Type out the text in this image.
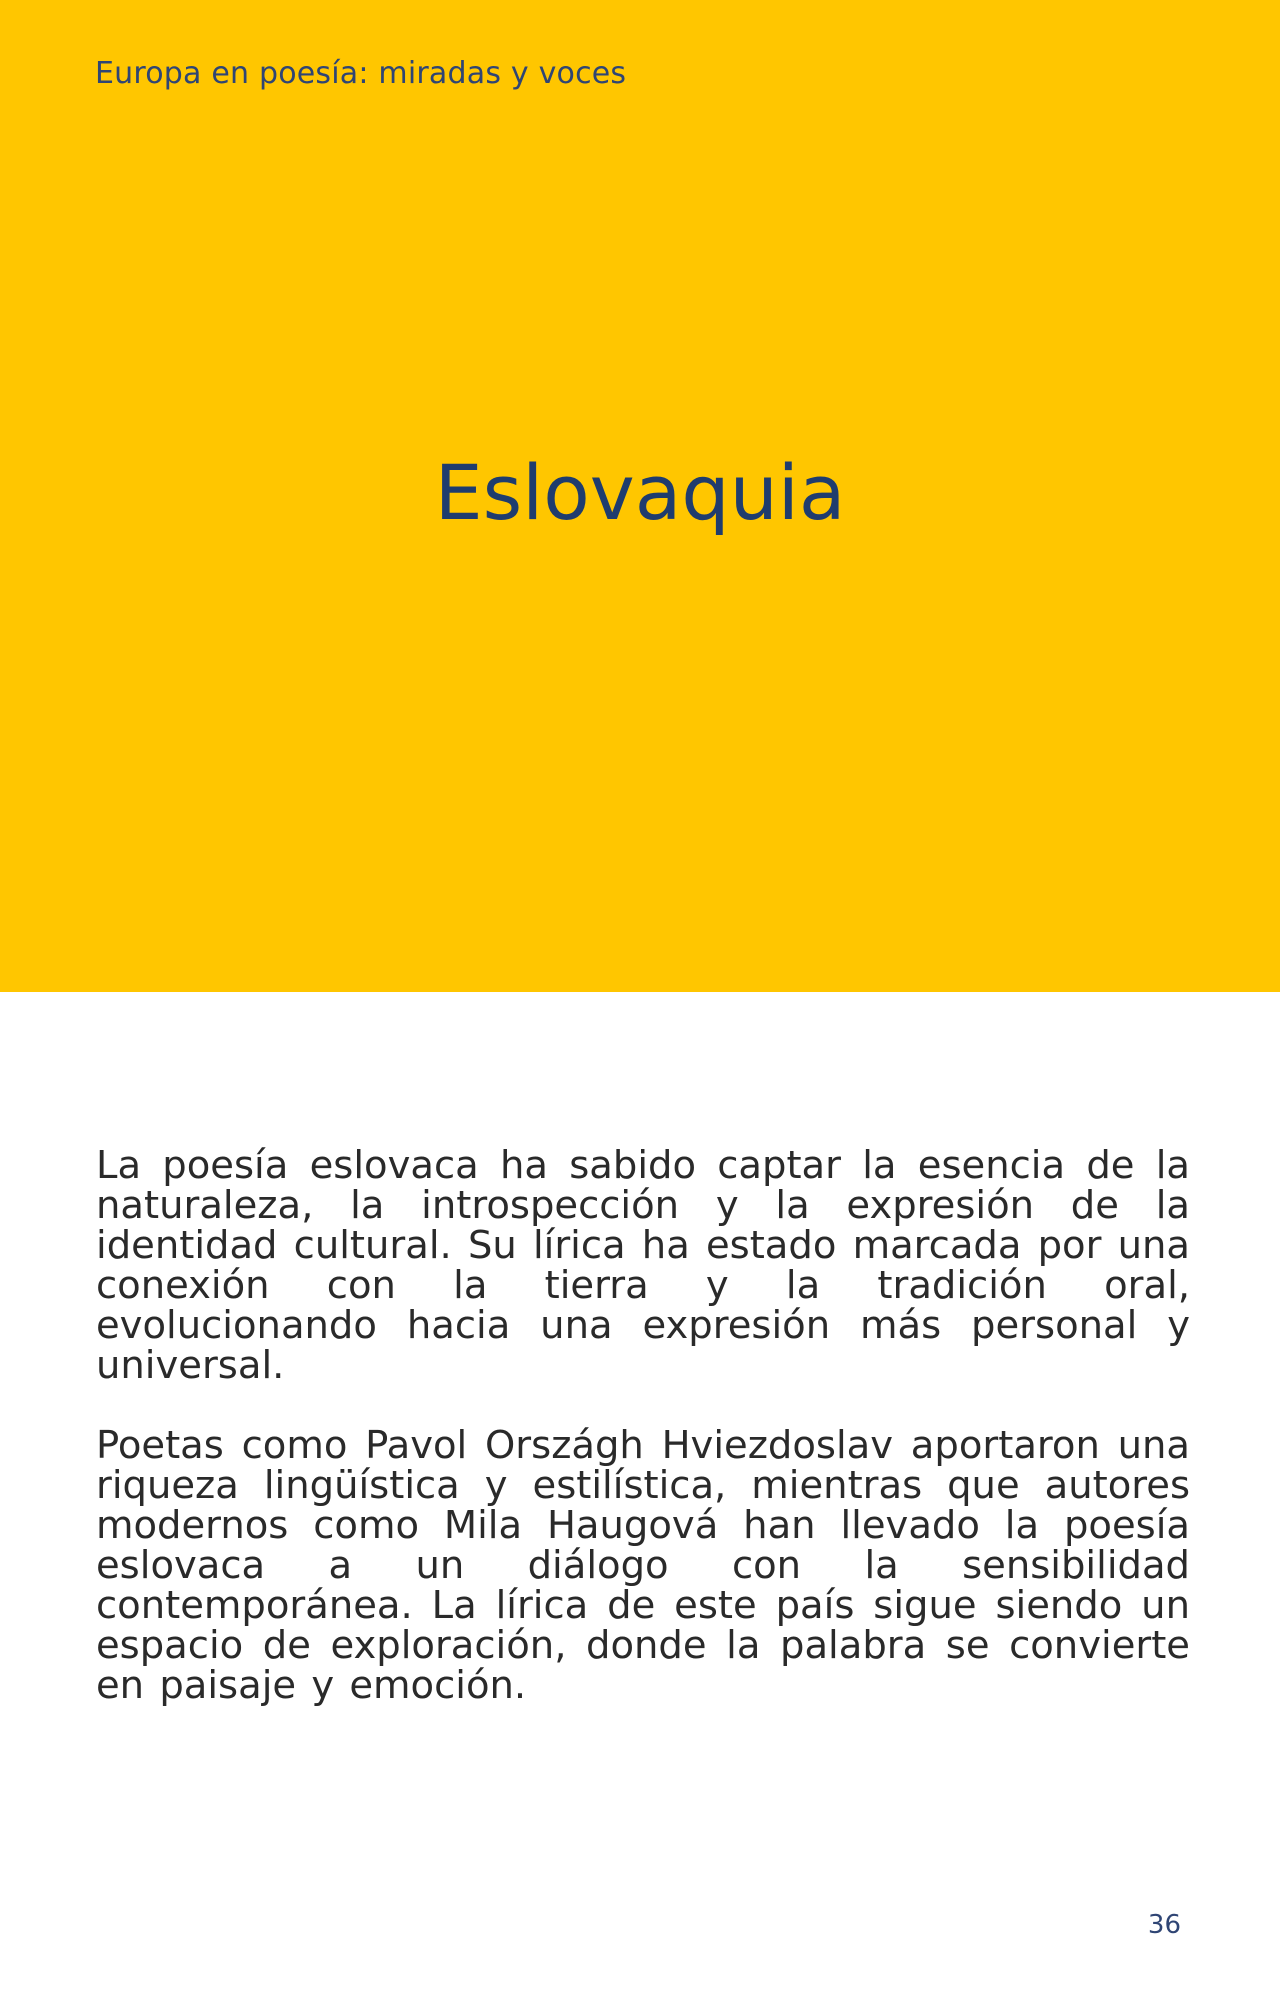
Europa en poesía: miradas y voces
Eslovaquia

La poesía eslovaca ha sabido captar la esencia de la naturaleza, la introspección y la expresión de la identidad cultural. Su lírica ha estado marcada por una conexión con la tierra y la tradición oral, evolucionando hacia una expresión más personal y universal.

Poetas como Pavol Országh Hviezdoslav aportaron una riqueza lingüística y estilística, mientras que autores modernos como Mila Haugová han llevado la poesía eslovaca a un diálogo con la sensibilidad contemporánea. La lírica de este país sigue siendo un espacio de exploración, donde la palabra se convierte en paisaje y emoción.

36
